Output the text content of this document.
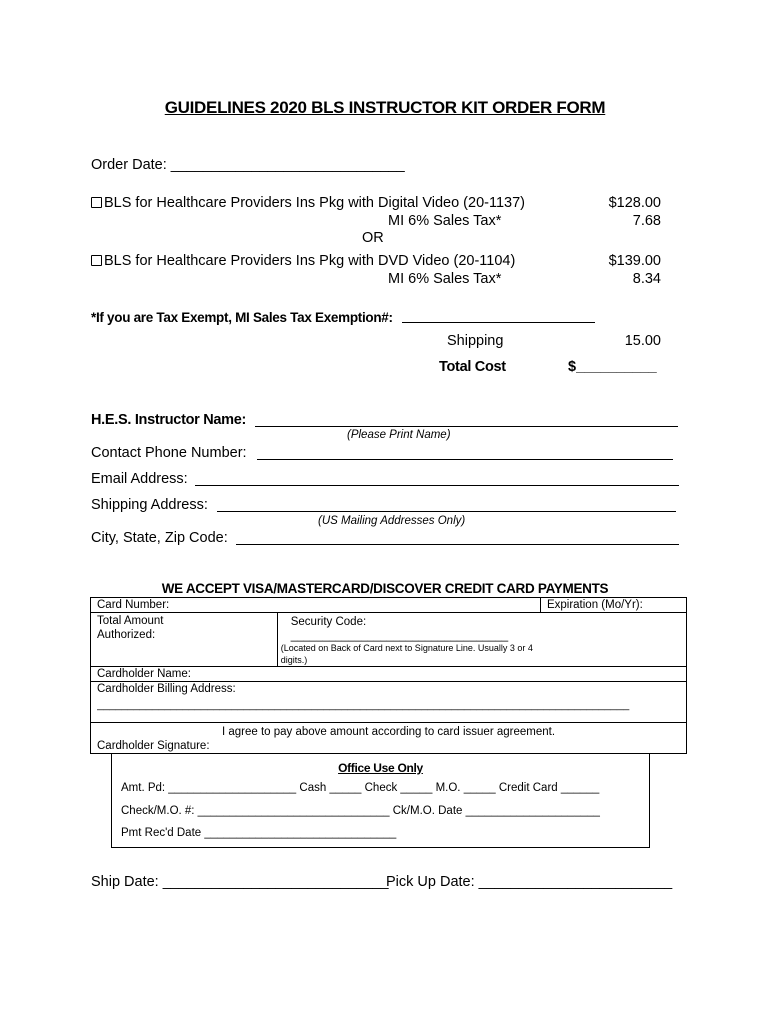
GUIDELINES 2020 BLS INSTRUCTOR KIT ORDER FORM
Order Date: _____________________________
BLS for Healthcare Providers Ins Pkg with Digital Video (20-1137)	$128.00
MI 6% Sales Tax*	7.68
OR
BLS for Healthcare Providers Ins Pkg with DVD Video (20-1104)	$139.00
MI 6% Sales Tax*	8.34
*If you are Tax Exempt, MI Sales Tax Exemption#:
Shipping	15.00
Total Cost	$__________
H.E.S. Instructor Name:
(Please Print Name)
Contact Phone Number:
Email Address:
Shipping Address:
(US Mailing Addresses Only)
City, State, Zip Code:
WE ACCEPT VISA/MASTERCARD/DISCOVER CREDIT CARD PAYMENTS
Card Number:	Expiration (Mo/Yr):

Total Amount
Authorized:
Security Code: __________________________________
(Located on Back of Card next to Signature Line. Usually 3 or 4 digits.)	

Cardholder Name:	

Cardholder Billing Address:
_______________________________________________________________________________________	

I agree to pay above amount according to card issuer agreement.
Cardholder Signature:	
Office Use Only
Amt. Pd: ____________________ Cash _____ Check _____ M.O. _____ Credit Card ______
Check/M.O. #: ______________________________ Ck/M.O. Date _____________________
Pmt Rec'd Date ______________________________
Ship Date: ____________________________
Pick Up Date: ________________________
